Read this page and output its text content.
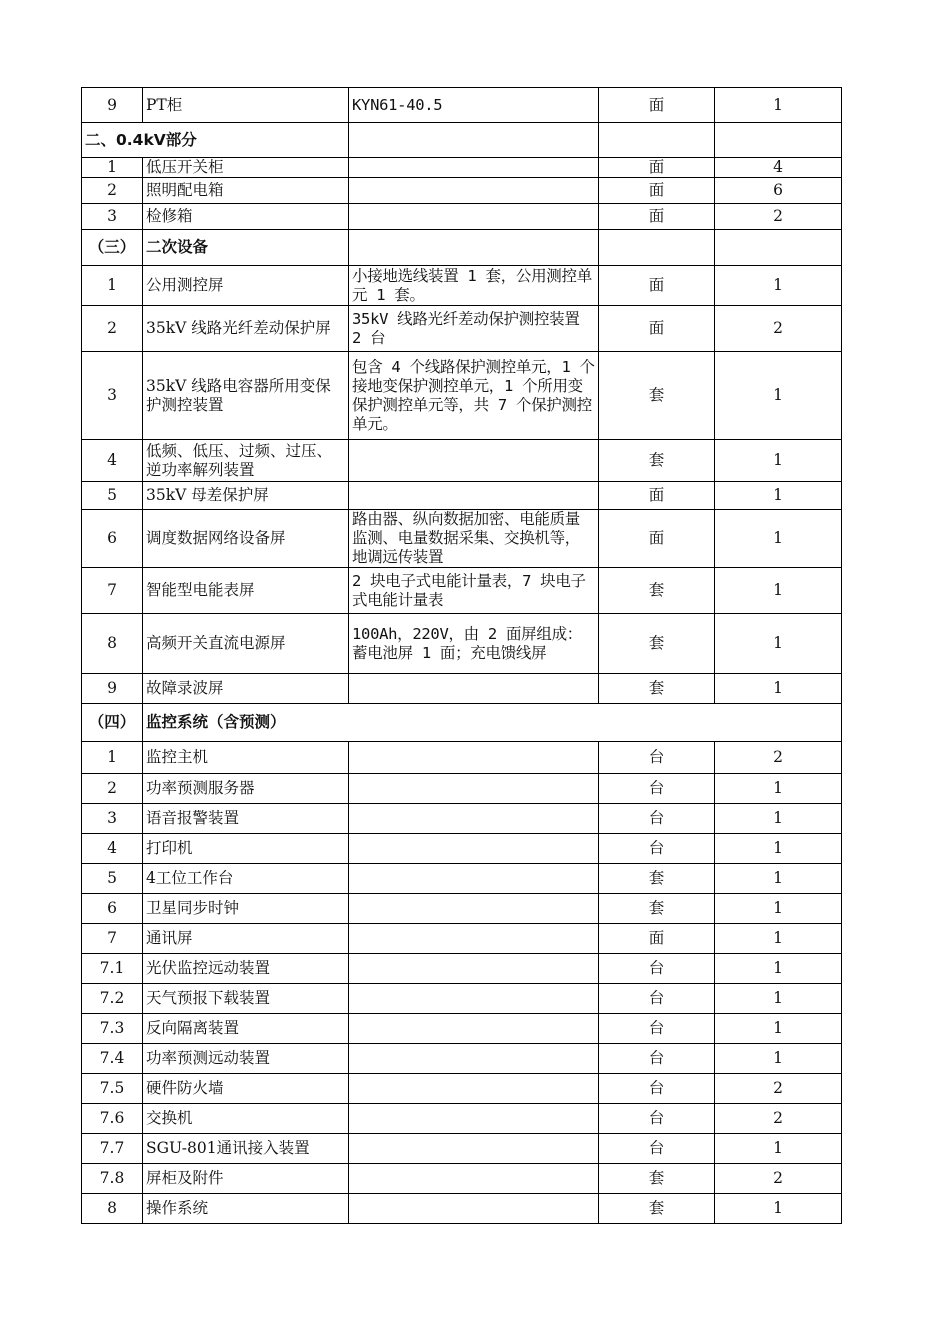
9	PT柜	KYN61-40.5	面	1
二、0.4kV部分				
1	低压开关柜		面	4
2	照明配电箱		面	6
3	检修箱		面	2
（三）	二次设备			
1	公用测控屏	小接地选线装置 1 套，公用测控单元 1 套。	面	1
2	35kV 线路光纤差动保护屏	35kV 线路光纤差动保护测控装置 2 台	面	2
3	35kV 线路电容器所用变保护测控装置	包含 4 个线路保护测控单元，1 个接地变保护测控单元，1 个所用变保护测控单元等，共 7 个保护测控单元。	套	1
4	低频、低压、过频、过压、逆功率解列装置		套	1
5	35kV 母差保护屏		面	1
6	调度数据网络设备屏	路由器、纵向数据加密、电能质量监测、电量数据采集、交换机等，地调远传装置	面	1
7	智能型电能表屏	2 块电子式电能计量表，7 块电子式电能计量表	套	1
8	高频开关直流电源屏	100Ah，220V，由 2 面屏组成：蓄电池屏 1 面；充电馈线屏	套	1
9	故障录波屏		套	1
（四）	监控系统（含预测）			
1	监控主机		台	2
2	功率预测服务器		台	1
3	语音报警装置		台	1
4	打印机		台	1
5	4工位工作台		套	1
6	卫星同步时钟		套	1
7	通讯屏		面	1
7.1	光伏监控远动装置		台	1
7.2	天气预报下载装置		台	1
7.3	反向隔离装置		台	1
7.4	功率预测远动装置		台	1
7.5	硬件防火墙		台	2
7.6	交换机		台	2
7.7	SGU-801通讯接入装置		台	1
7.8	屏柜及附件		套	2
8	操作系统		套	1
